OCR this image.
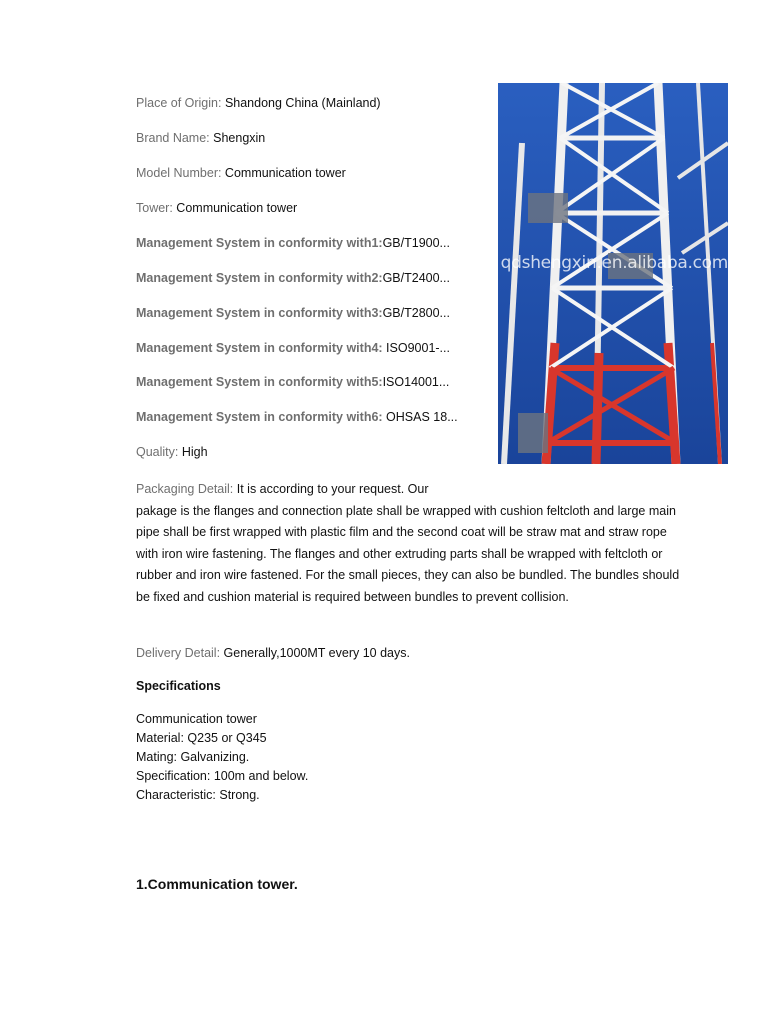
Place of Origin: Shandong China (Mainland)
Brand Name: Shengxin
Model Number: Communication tower
Tower: Communication tower
Management System in conformity with1:GB/T1900...
Management System in conformity with2:GB/T2400...
Management System in conformity with3:GB/T2800...
Management System in conformity with4: ISO9001-...
Management System in conformity with5:ISO14001...
Management System in conformity with6: OHSAS 18...
Quality: High
Packaging Detail: It is according to your request. Our
pakage is the flanges and connection plate shall be wrapped with cushion feltcloth and large main pipe shall be first wrapped with plastic film and the second coat will be straw mat and straw rope with iron wire fastening. The flanges and other extruding parts shall be wrapped with feltcloth or rubber and iron wire fastened. For the small pieces, they can also be bundled. The bundles should be fixed and cushion material is required between bundles to prevent collision.
Delivery Detail: Generally,1000MT every 10 days.
Specifications
Communication tower
Material: Q235 or Q345
Mating: Galvanizing.
Specification: 100m and below.
Characteristic: Strong.
1.Communication tower.
qdshengxin.en.alibaba.com
